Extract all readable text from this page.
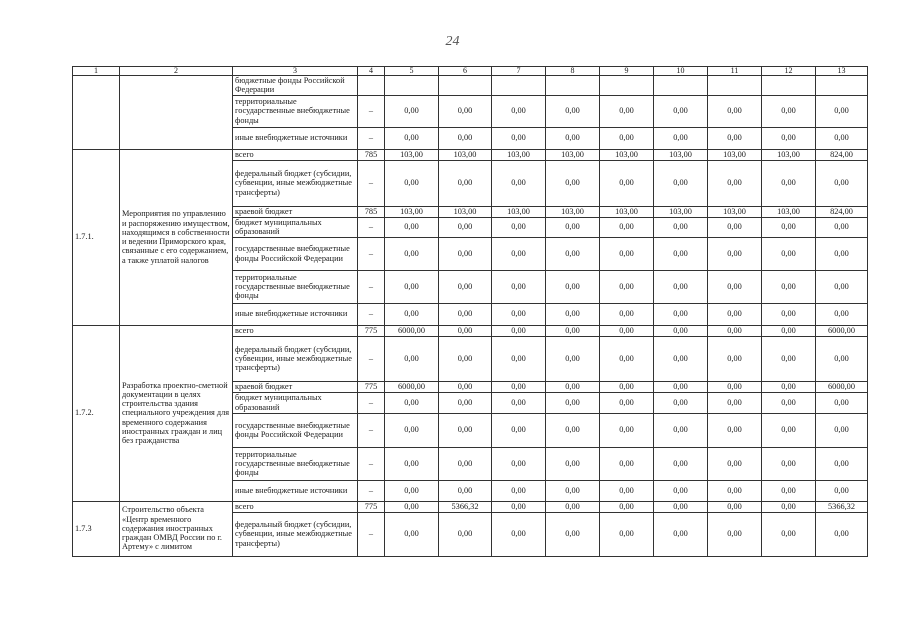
24
1	2	3	4	5	6	7	8	9	10	11	12	13
		бюджетные фонды Российской Федерации										
		территориальные государственные внебюджетные фонды	–	0,00	0,00	0,00	0,00	0,00	0,00	0,00	0,00	0,00
		иные внебюджетные источники	–	0,00	0,00	0,00	0,00	0,00	0,00	0,00	0,00	0,00
1.7.1.	Мероприятия по управлению и распоряжению имуществом, находящимся в собственности и ведении Приморского края, связанные с его содержанием, а также уплатой налогов	всего	785	103,00	103,00	103,00	103,00	103,00	103,00	103,00	103,00	824,00
		федеральный бюджет (субсидии, субвенции, иные межбюджетные трансферты)	–	0,00	0,00	0,00	0,00	0,00	0,00	0,00	0,00	0,00
		краевой бюджет	785	103,00	103,00	103,00	103,00	103,00	103,00	103,00	103,00	824,00
		бюджет муниципальных образований	–	0,00	0,00	0,00	0,00	0,00	0,00	0,00	0,00	0,00
		государственные внебюджетные фонды Российской Федерации	–	0,00	0,00	0,00	0,00	0,00	0,00	0,00	0,00	0,00
		территориальные государственные внебюджетные фонды	–	0,00	0,00	0,00	0,00	0,00	0,00	0,00	0,00	0,00
		иные внебюджетные источники	–	0,00	0,00	0,00	0,00	0,00	0,00	0,00	0,00	0,00
1.7.2.	Разработка проектно-сметной документации в целях строительства здания специального учреждения для временного содержания иностранных граждан и лиц без гражданства	всего	775	6000,00	0,00	0,00	0,00	0,00	0,00	0,00	0,00	6000,00
		федеральный бюджет (субсидии, субвенции, иные межбюджетные трансферты)	–	0,00	0,00	0,00	0,00	0,00	0,00	0,00	0,00	0,00
		краевой бюджет	775	6000,00	0,00	0,00	0,00	0,00	0,00	0,00	0,00	6000,00
		бюджет муниципальных образований	–	0,00	0,00	0,00	0,00	0,00	0,00	0,00	0,00	0,00
		государственные внебюджетные фонды Российской Федерации	–	0,00	0,00	0,00	0,00	0,00	0,00	0,00	0,00	0,00
		территориальные государственные внебюджетные фонды	–	0,00	0,00	0,00	0,00	0,00	0,00	0,00	0,00	0,00
		иные внебюджетные источники	–	0,00	0,00	0,00	0,00	0,00	0,00	0,00	0,00	0,00
1.7.3	Строительство объекта «Центр временного содержания иностранных граждан ОМВД России по г. Артему» с лимитом	всего	775	0,00	5366,32	0,00	0,00	0,00	0,00	0,00	0,00	5366,32
		федеральный бюджет (субсидии, субвенции, иные межбюджетные трансферты)	–	0,00	0,00	0,00	0,00	0,00	0,00	0,00	0,00	0,00
